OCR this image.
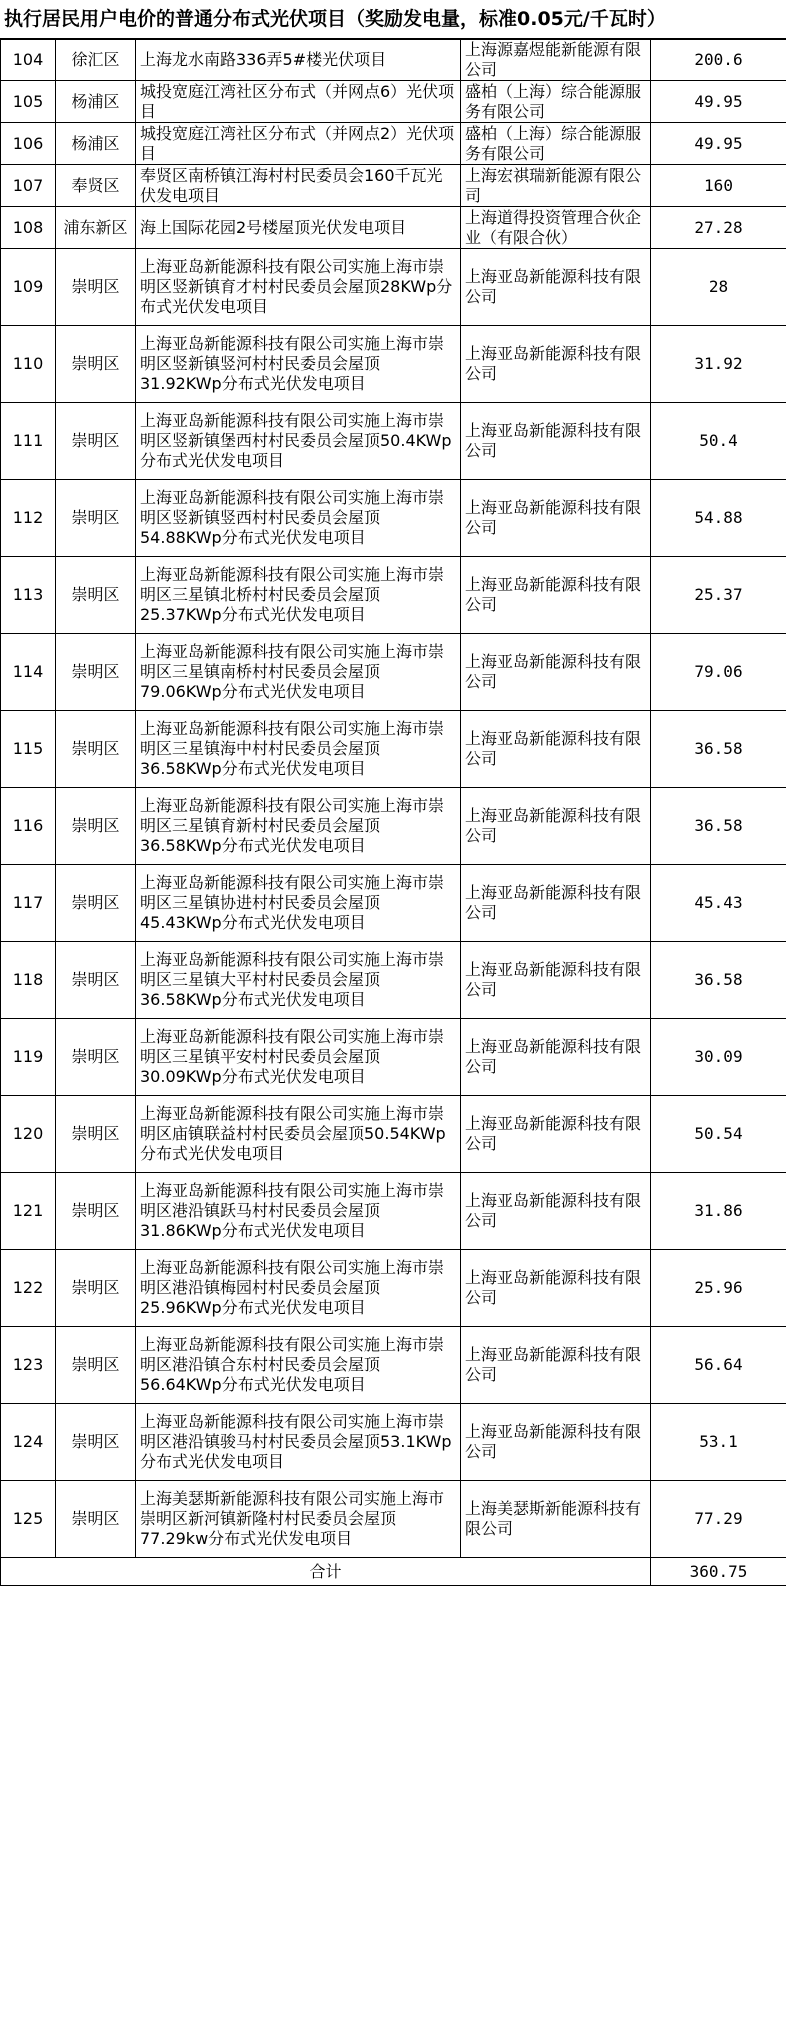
执行居民用户电价的普通分布式光伏项目（奖励发电量，标准0.05元/千瓦时）
104	徐汇区	上海龙水南路336弄5#楼光伏项目	上海源嘉煜能新能源有限公司	200.6
105	杨浦区	城投宽庭江湾社区分布式（并网点6）光伏项目	盛柏（上海）综合能源服务有限公司	49.95
106	杨浦区	城投宽庭江湾社区分布式（并网点2）光伏项目	盛柏（上海）综合能源服务有限公司	49.95
107	奉贤区	奉贤区南桥镇江海村村民委员会160千瓦光伏发电项目	上海宏祺瑞新能源有限公司	160
108	浦东新区	海上国际花园2号楼屋顶光伏发电项目	上海道得投资管理合伙企业（有限合伙）	27.28
109	崇明区	上海亚岛新能源科技有限公司实施上海市崇明区竖新镇育才村村民委员会屋顶28KWp分布式光伏发电项目	上海亚岛新能源科技有限公司	28
110	崇明区	上海亚岛新能源科技有限公司实施上海市崇明区竖新镇竖河村村民委员会屋顶31.92KWp分布式光伏发电项目	上海亚岛新能源科技有限公司	31.92
111	崇明区	上海亚岛新能源科技有限公司实施上海市崇明区竖新镇堡西村村民委员会屋顶50.4KWp分布式光伏发电项目	上海亚岛新能源科技有限公司	50.4
112	崇明区	上海亚岛新能源科技有限公司实施上海市崇明区竖新镇竖西村村民委员会屋顶54.88KWp分布式光伏发电项目	上海亚岛新能源科技有限公司	54.88
113	崇明区	上海亚岛新能源科技有限公司实施上海市崇明区三星镇北桥村村民委员会屋顶25.37KWp分布式光伏发电项目	上海亚岛新能源科技有限公司	25.37
114	崇明区	上海亚岛新能源科技有限公司实施上海市崇明区三星镇南桥村村民委员会屋顶79.06KWp分布式光伏发电项目	上海亚岛新能源科技有限公司	79.06
115	崇明区	上海亚岛新能源科技有限公司实施上海市崇明区三星镇海中村村民委员会屋顶36.58KWp分布式光伏发电项目	上海亚岛新能源科技有限公司	36.58
116	崇明区	上海亚岛新能源科技有限公司实施上海市崇明区三星镇育新村村民委员会屋顶36.58KWp分布式光伏发电项目	上海亚岛新能源科技有限公司	36.58
117	崇明区	上海亚岛新能源科技有限公司实施上海市崇明区三星镇协进村村民委员会屋顶45.43KWp分布式光伏发电项目	上海亚岛新能源科技有限公司	45.43
118	崇明区	上海亚岛新能源科技有限公司实施上海市崇明区三星镇大平村村民委员会屋顶36.58KWp分布式光伏发电项目	上海亚岛新能源科技有限公司	36.58
119	崇明区	上海亚岛新能源科技有限公司实施上海市崇明区三星镇平安村村民委员会屋顶30.09KWp分布式光伏发电项目	上海亚岛新能源科技有限公司	30.09
120	崇明区	上海亚岛新能源科技有限公司实施上海市崇明区庙镇联益村村民委员会屋顶50.54KWp分布式光伏发电项目	上海亚岛新能源科技有限公司	50.54
121	崇明区	上海亚岛新能源科技有限公司实施上海市崇明区港沿镇跃马村村民委员会屋顶31.86KWp分布式光伏发电项目	上海亚岛新能源科技有限公司	31.86
122	崇明区	上海亚岛新能源科技有限公司实施上海市崇明区港沿镇梅园村村民委员会屋顶25.96KWp分布式光伏发电项目	上海亚岛新能源科技有限公司	25.96
123	崇明区	上海亚岛新能源科技有限公司实施上海市崇明区港沿镇合东村村民委员会屋顶56.64KWp分布式光伏发电项目	上海亚岛新能源科技有限公司	56.64
124	崇明区	上海亚岛新能源科技有限公司实施上海市崇明区港沿镇骏马村村民委员会屋顶53.1KWp分布式光伏发电项目	上海亚岛新能源科技有限公司	53.1
125	崇明区	上海美瑟斯新能源科技有限公司实施上海市崇明区新河镇新隆村村民委员会屋顶77.29kw分布式光伏发电项目	上海美瑟斯新能源科技有限公司	77.29
合计				360.75
